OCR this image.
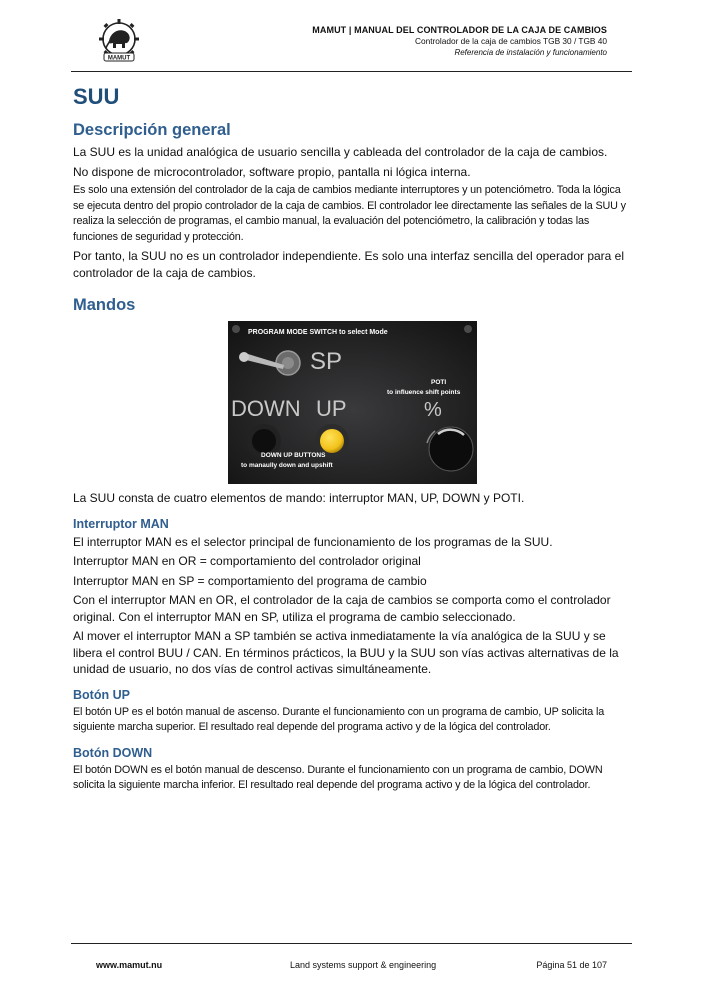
MAMUT
MAMUT | MANUAL DEL CONTROLADOR DE LA CAJA DE CAMBIOS
Controlador de la caja de cambios TGB 30 / TGB 40
Referencia de instalación y funcionamiento
SUU
Descripción general

La SUU es la unidad analógica de usuario sencilla y cableada del controlador de la caja de cambios.

No dispone de microcontrolador, software propio, pantalla ni lógica interna.

Es solo una extensión del controlador de la caja de cambios mediante interruptores y un potenciómetro. Toda la lógica se ejecuta dentro del propio controlador de la caja de cambios. El controlador lee directamente las señales de la SUU y realiza la selección de programas, el cambio manual, la evaluación del potenciómetro, la calibración y todas las funciones de seguridad y protección.

Por tanto, la SUU no es un controlador independiente. Es solo una interfaz sencilla del operador para el controlador de la caja de cambios.

Mandos
PROGRAM MODE SWITCH to select Mode
SP
DOWN UP
POTI
to influence shift points
%
DOWN UP BUTTONS
to manaully down and upshift

La SUU consta de cuatro elementos de mando: interruptor MAN, UP, DOWN y POTI.

Interruptor MAN

El interruptor MAN es el selector principal de funcionamiento de los programas de la SUU.

Interruptor MAN en OR = comportamiento del controlador original

Interruptor MAN en SP = comportamiento del programa de cambio

Con el interruptor MAN en OR, el controlador de la caja de cambios se comporta como el controlador original. Con el interruptor MAN en SP, utiliza el programa de cambio seleccionado.

Al mover el interruptor MAN a SP también se activa inmediatamente la vía analógica de la SUU y se libera el control BUU / CAN. En términos prácticos, la BUU y la SUU son vías activas alternativas de la unidad de usuario, no dos vías de control activas simultáneamente.

Botón UP

El botón UP es el botón manual de ascenso. Durante el funcionamiento con un programa de cambio, UP solicita la siguiente marcha superior. El resultado real depende del programa activo y de la lógica del controlador.

Botón DOWN

El botón DOWN es el botón manual de descenso. Durante el funcionamiento con un programa de cambio, DOWN solicita la siguiente marcha inferior. El resultado real depende del programa activo y de la lógica del controlador.

www.mamut.nu	Land systems support & engineering	Página 51 de 107
